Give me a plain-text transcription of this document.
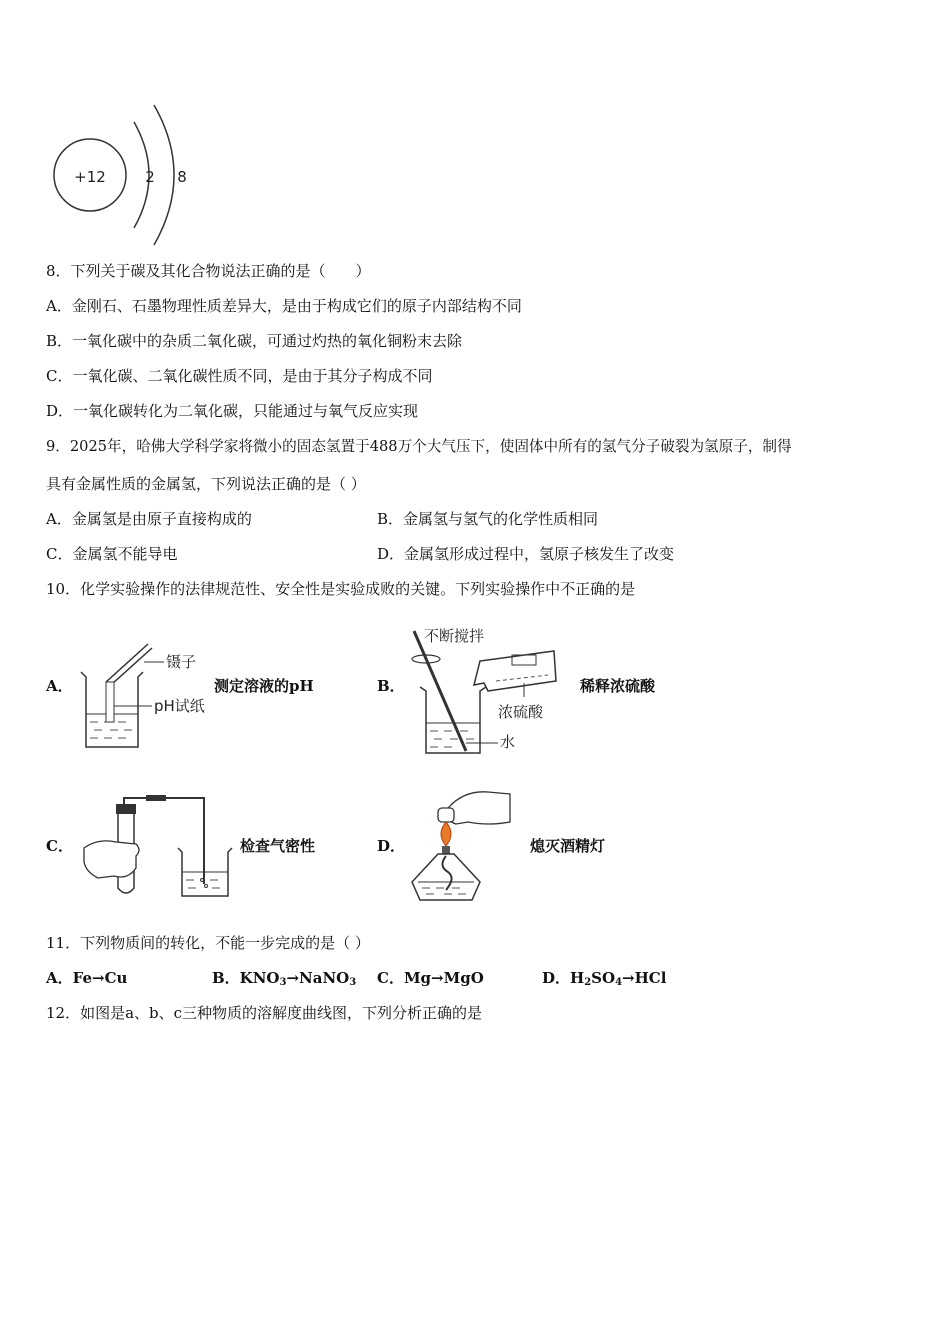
+12	2 8
8．下列关于碳及其化合物说法正确的是（　　）
A．金刚石、石墨物理性质差异大，是由于构成它们的原子内部结构不同
B．一氧化碳中的杂质二氧化碳，可通过灼热的氧化铜粉末去除
C．一氧化碳、二氧化碳性质不同，是由于其分子构成不同
D．一氧化碳转化为二氧化碳，只能通过与氧气反应实现
9．2025年，哈佛大学科学家将微小的固态氢置于488万个大气压下，使固体中所有的氢气分子破裂为氢原子，制得
具有金属性质的金属氢，下列说法正确的是（ ）
A．金属氢是由原子直接构成的	B．金属氢与氢气的化学性质相同
C．金属氢不能导电	D．金属氢形成过程中，氢原子核发生了改变
10．化学实验操作的法律规范性、安全性是实验成败的关键。下列实验操作中不正确的是
A．
镊子
pH试纸
测定溶液的pH	B．
不断搅拌
浓硫酸
水
稀释浓硫酸
C．	检查气密性	D．	熄灭酒精灯
11．下列物质间的转化，不能一步完成的是（ ）
A．Fe→Cu	B．$KNO_3\to NaNO_3$ C．Mg→MgO	D．$H_2SO_4\to HCl$
12．如图是a、b、c三种物质的溶解度曲线图，下列分析正确的是
